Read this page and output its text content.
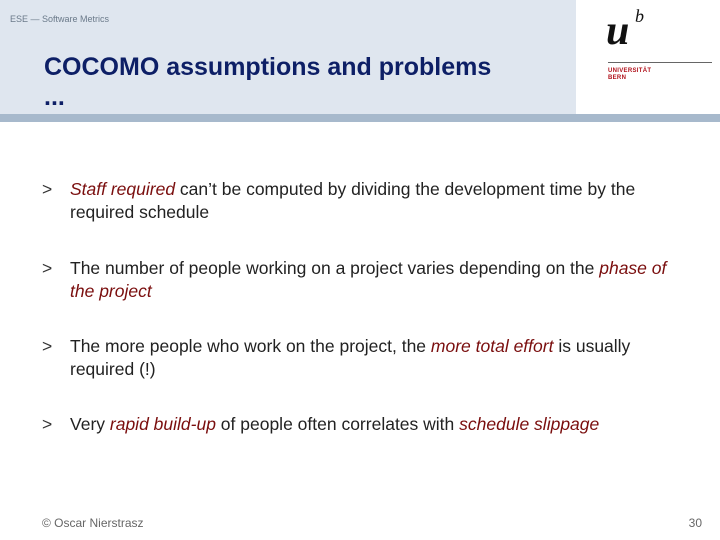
ESE — Software Metrics
COCOMO assumptions and problems
...
u b
UNIVERSITÄT
BERN
> Staff required can’t be computed by dividing the development time by the required schedule
> The number of people working on a project varies depending on the phase of the project
> The more people who work on the project, the more total effort is usually required (!)
> Very rapid build-up of people often correlates with schedule slippage
© Oscar Nierstrasz	30
